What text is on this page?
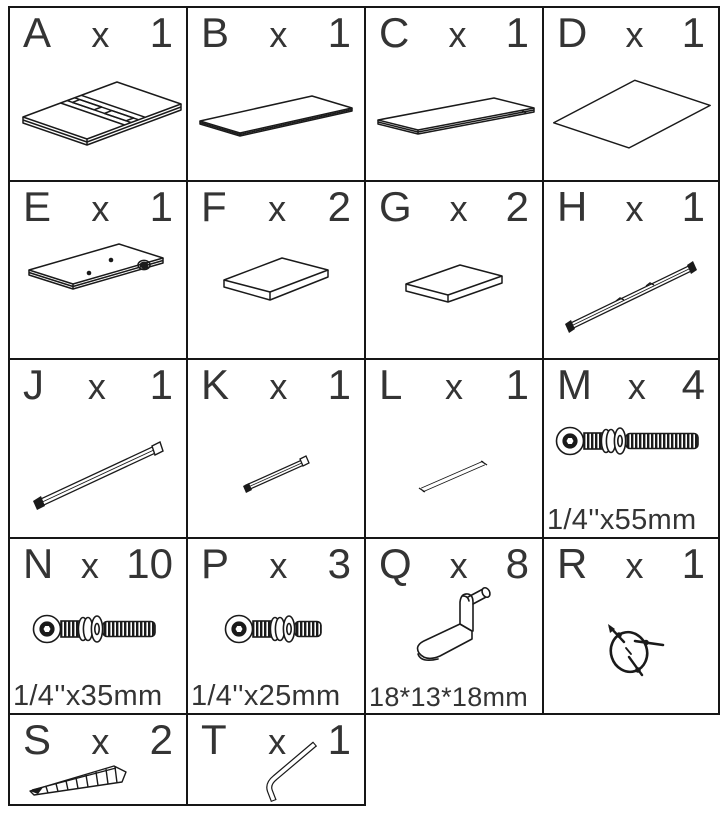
A x 1 B x 1 C x 1 D x 1
E x 1 F x 2 G x 2 H x 1
J x 1 K x 1 L x 1 M x 4
1/4''x55mm
N x 10
1/4''x35mm
P x 3
1/4''x25mm
Q x 8
18*13*18mm
R x 1
S x 2 T x 1
